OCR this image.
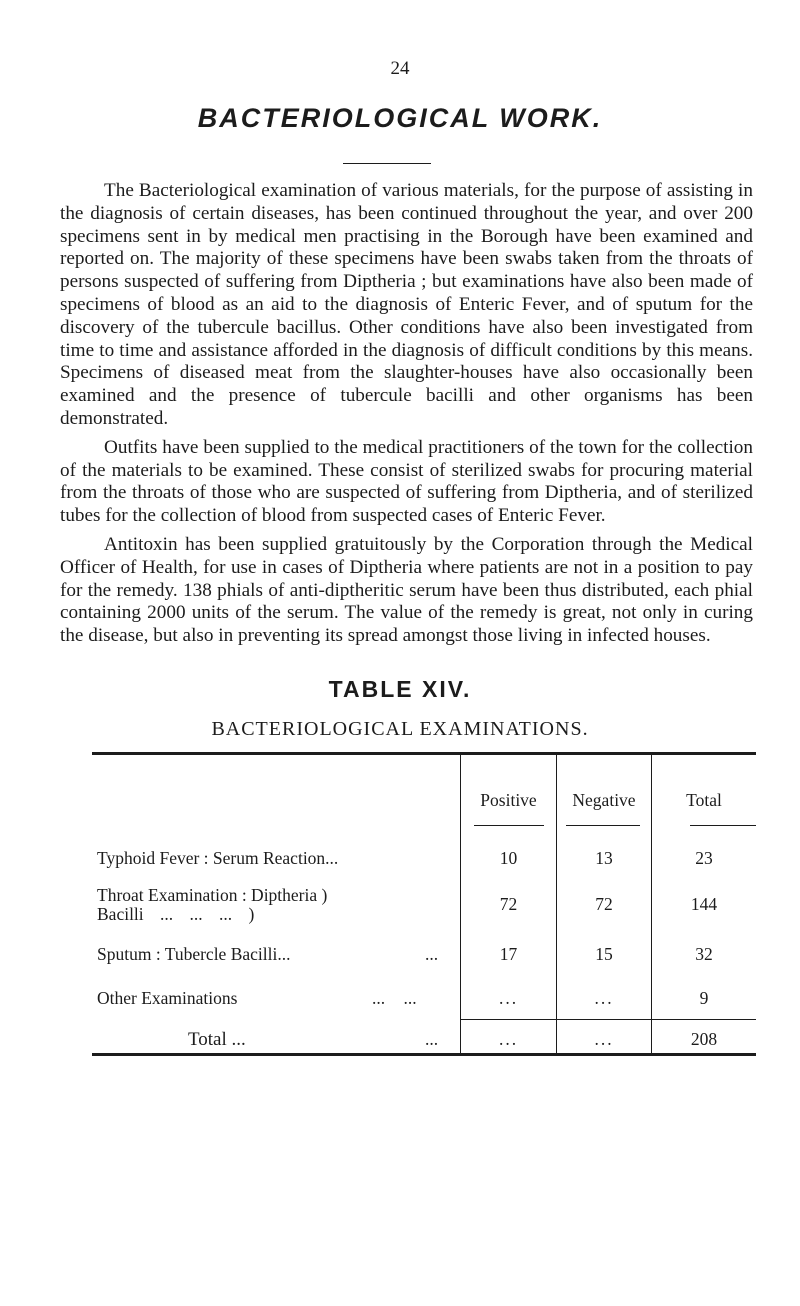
24
BACTERIOLOGICAL WORK.

The Bacteriological examination of various materials, for the purpose of assisting in the diagnosis of certain diseases, has been continued throughout the year, and over 200 specimens sent in by medical men practising in the Borough have been examined and reported on. The majority of these specimens have been swabs taken from the throats of persons suspected of suffering from Diptheria ; but examinations have also been made of specimens of blood as an aid to the diagnosis of Enteric Fever, and of sputum for the discovery of the tubercule bacillus. Other conditions have also been investigated from time to time and assistance afforded in the diagnosis of difficult conditions by this means. Specimens of diseased meat from the slaughter-houses have also occasionally been examined and the presence of tubercule bacilli and other organisms has been demonstrated.

Outfits have been supplied to the medical practitioners of the town for the collection of the materials to be examined. These consist of sterilized swabs for procuring material from the throats of those who are suspected of suffering from Diptheria, and of sterilized tubes for the collection of blood from suspected cases of Enteric Fever.

Antitoxin has been supplied gratuitously by the Corporation through the Medical Officer of Health, for use in cases of Diptheria where patients are not in a position to pay for the remedy. 138 phials of anti-diptheritic serum have been thus distributed, each phial containing 2000 units of the serum. The value of the remedy is great, not only in curing the disease, but also in preventing its spread amongst those living in infected houses.

TABLE XIV.
BACTERIOLOGICAL EXAMINATIONS.
Positive	Negative	Total
Typhoid Fever : Serum Reaction...	10	13	23
Throat Examination : Diptheria )
Bacilli ... ... ... )	72	72	144
Sputum : Tubercle Bacilli...	...	17	15	32
Other Examinations	... ...	...	...	9
Total ...	...	...	...	208
